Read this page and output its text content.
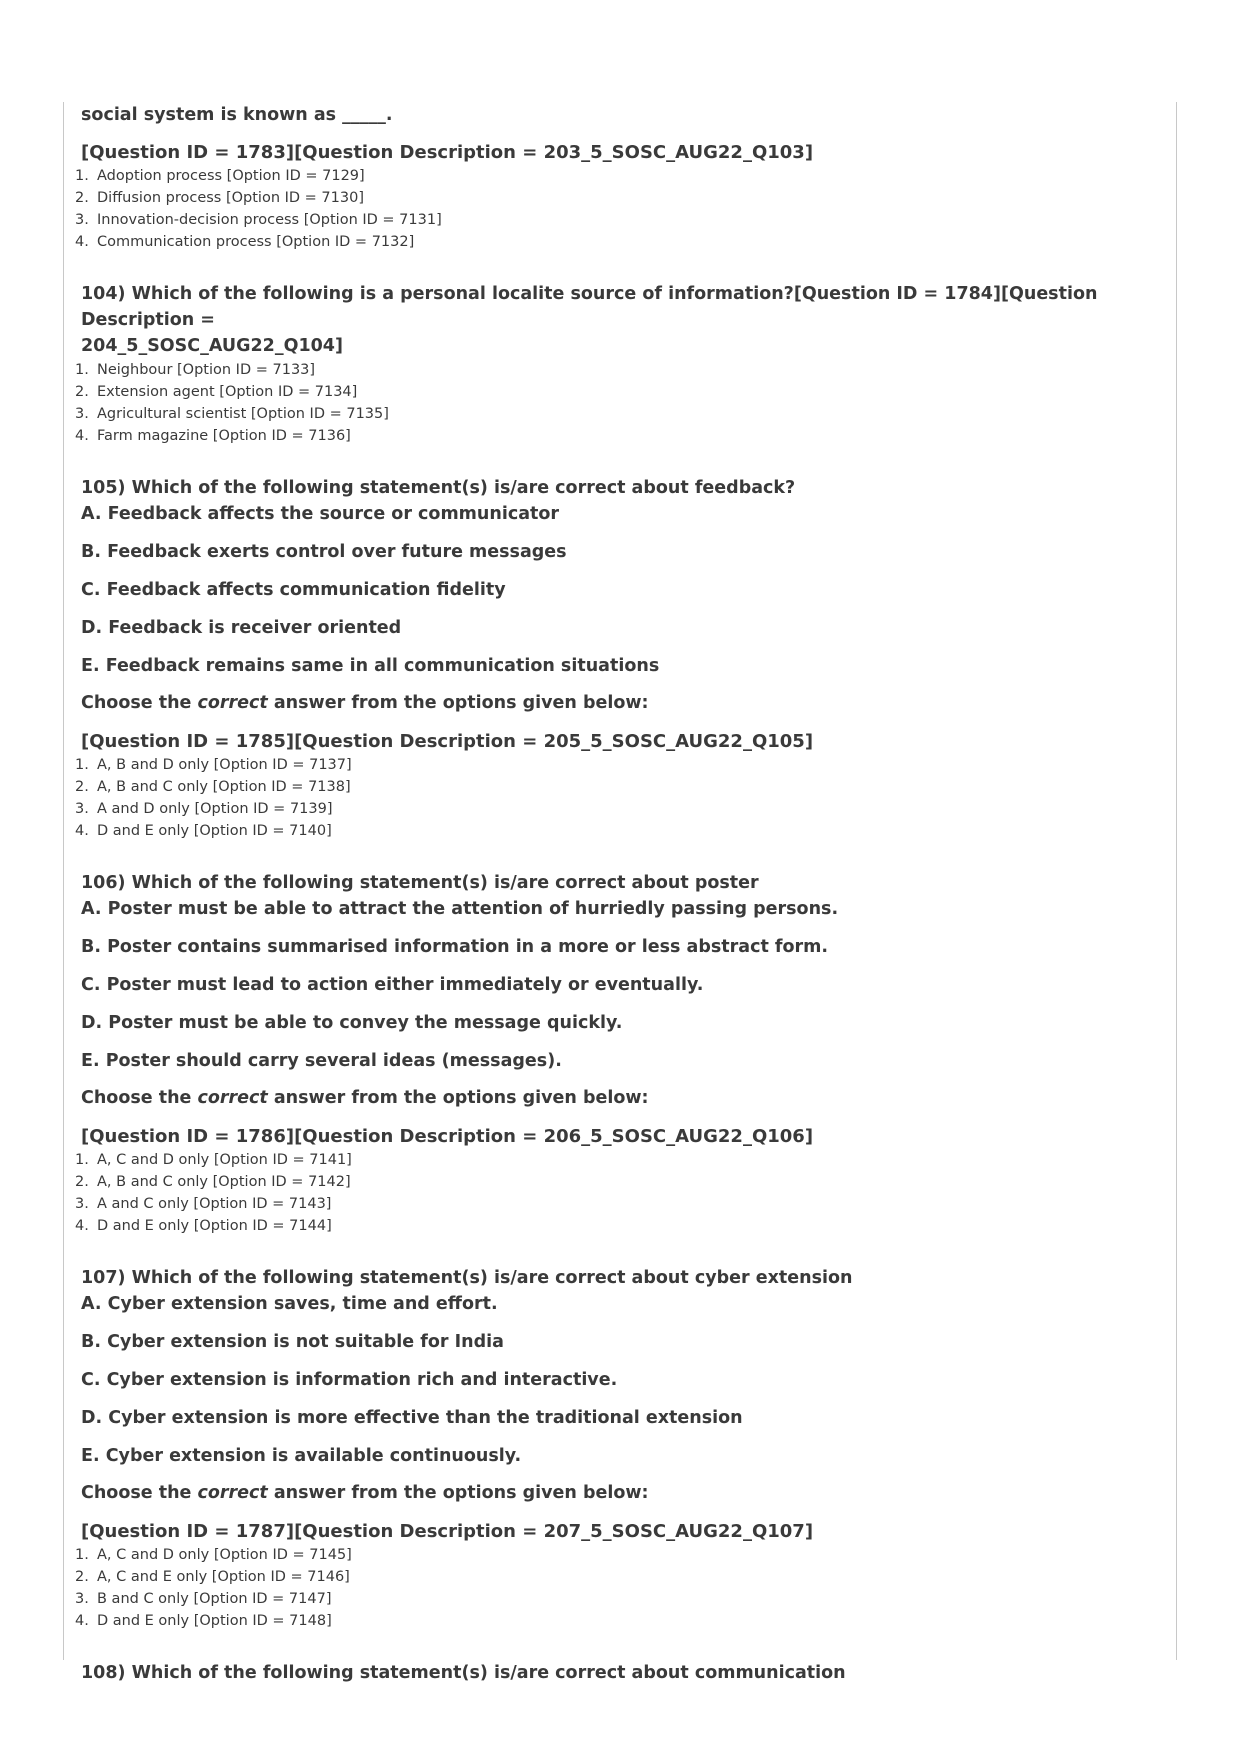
social system is known as _____.
[Question ID = 1783][Question Description = 203_5_SOSC_AUG22_Q103]
1. Adoption process [Option ID = 7129]
2. Diffusion process [Option ID = 7130]
3. Innovation-decision process [Option ID = 7131]
4. Communication process [Option ID = 7132]
104) Which of the following is a personal localite source of information?[Question ID = 1784][Question Description =
204_5_SOSC_AUG22_Q104]
1. Neighbour [Option ID = 7133]
2. Extension agent [Option ID = 7134]
3. Agricultural scientist [Option ID = 7135]
4. Farm magazine [Option ID = 7136]
105) Which of the following statement(s) is/are correct about feedback?
A. Feedback affects the source or communicator
B. Feedback exerts control over future messages
C. Feedback affects communication fidelity
D. Feedback is receiver oriented
E. Feedback remains same in all communication situations
Choose the correct answer from the options given below:
[Question ID = 1785][Question Description = 205_5_SOSC_AUG22_Q105]
1. A, B and D only [Option ID = 7137]
2. A, B and C only [Option ID = 7138]
3. A and D only [Option ID = 7139]
4. D and E only [Option ID = 7140]
106) Which of the following statement(s) is/are correct about poster
A. Poster must be able to attract the attention of hurriedly passing persons.
B. Poster contains summarised information in a more or less abstract form.
C. Poster must lead to action either immediately or eventually.
D. Poster must be able to convey the message quickly.
E. Poster should carry several ideas (messages).
Choose the correct answer from the options given below:
[Question ID = 1786][Question Description = 206_5_SOSC_AUG22_Q106]
1. A, C and D only [Option ID = 7141]
2. A, B and C only [Option ID = 7142]
3. A and C only [Option ID = 7143]
4. D and E only [Option ID = 7144]
107) Which of the following statement(s) is/are correct about cyber extension
A. Cyber extension saves, time and effort.
B. Cyber extension is not suitable for India
C. Cyber extension is information rich and interactive.
D. Cyber extension is more effective than the traditional extension
E. Cyber extension is available continuously.
Choose the correct answer from the options given below:
[Question ID = 1787][Question Description = 207_5_SOSC_AUG22_Q107]
1. A, C and D only [Option ID = 7145]
2. A, C and E only [Option ID = 7146]
3. B and C only [Option ID = 7147]
4. D and E only [Option ID = 7148]
108) Which of the following statement(s) is/are correct about communication
